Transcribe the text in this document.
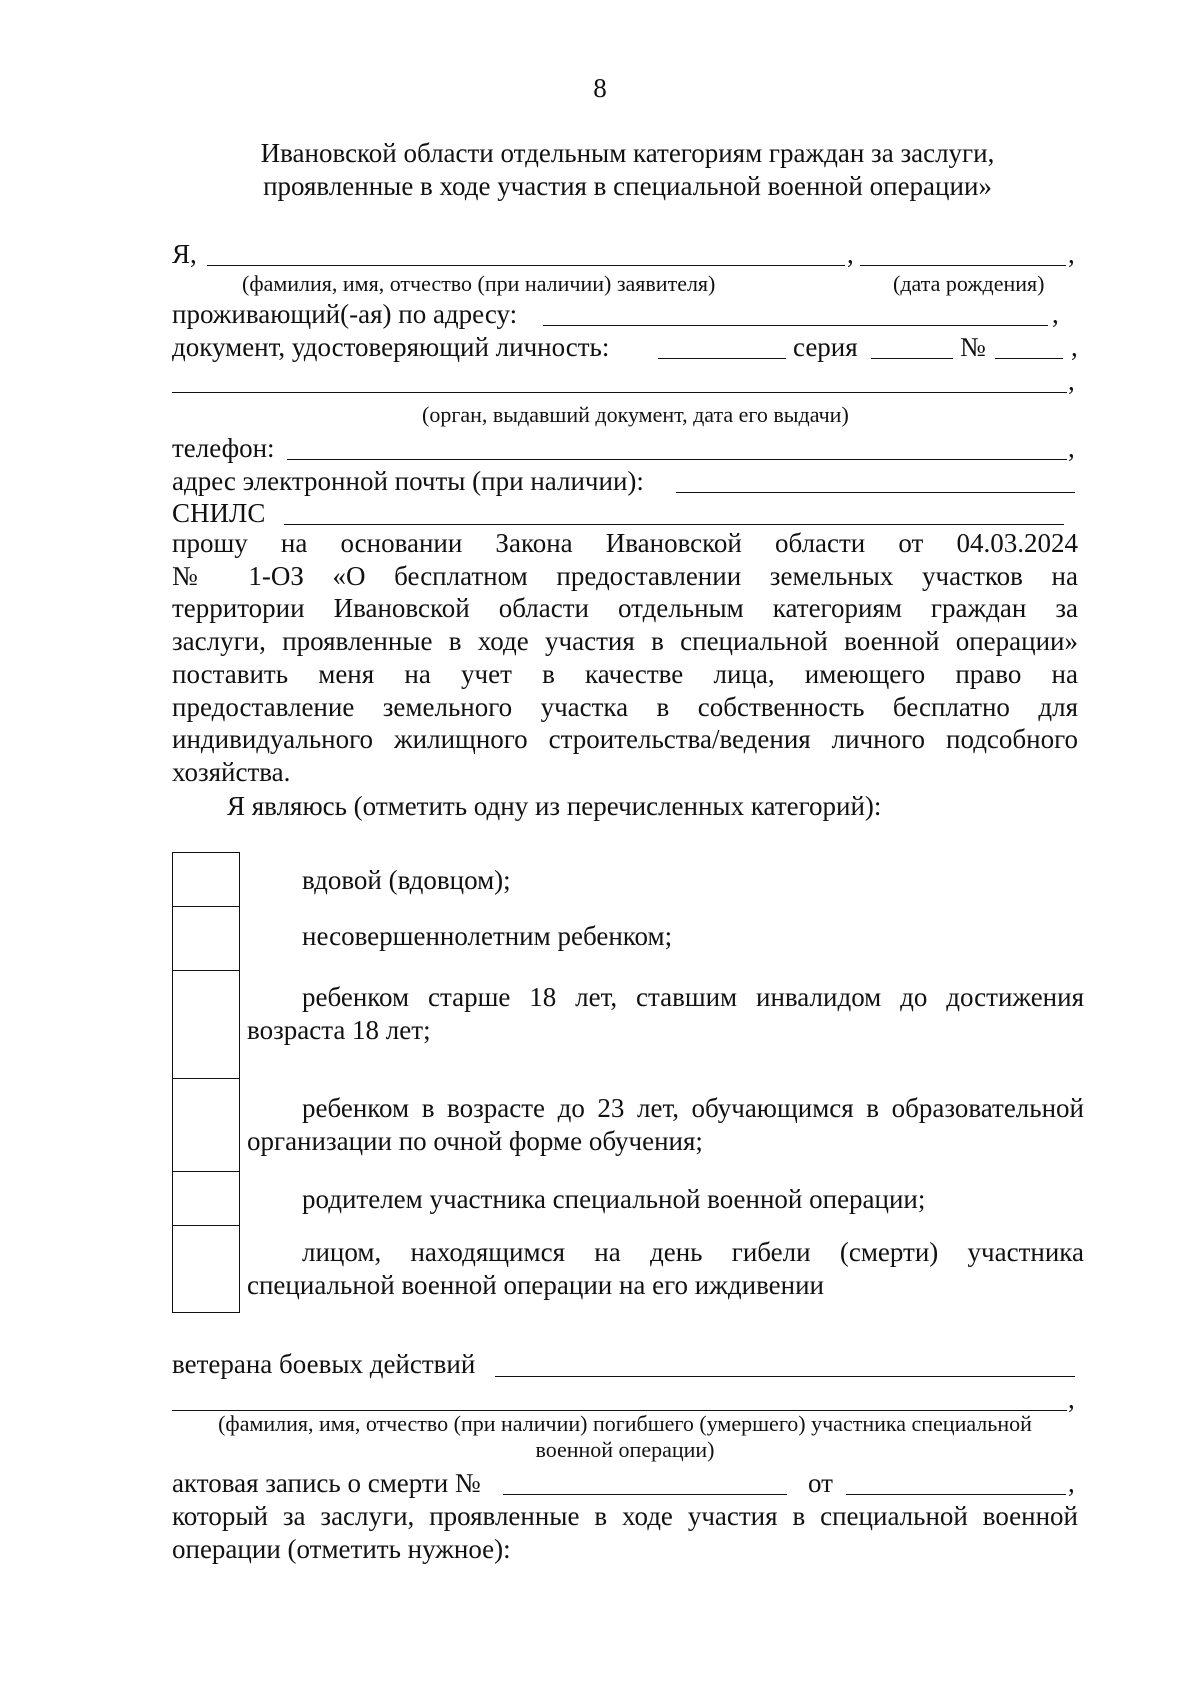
8
Ивановской области отдельным категориям граждан за заслуги,
проявленные в ходе участия в специальной военной операции»
Я,	,	,
(фамилия, имя, отчество (при наличии) заявителя)	(дата рождения)
проживающий(-ая) по адресу:	,
документ, удостоверяющий личность:	серия	№	,
,
(орган, выдавший документ, дата его выдачи)
телефон:	,
адрес электронной почты (при наличии):
СНИЛС
прошу на основании Закона Ивановской области от 04.03.2024
№ 1-ОЗ «О бесплатном предоставлении земельных участков на
территории Ивановской области отдельным категориям граждан за
заслуги, проявленные в ходе участия в специальной военной операции»
поставить меня на учет в качестве лица, имеющего право на
предоставление земельного участка в собственность бесплатно для
индивидуального жилищного строительства/ведения личного подсобного
хозяйства.
Я являюсь (отметить одну из перечисленных категорий):
вдовой (вдовцом);
несовершеннолетним ребенком;
ребенком старше 18 лет, ставшим инвалидом до достижения
возраста 18 лет;
ребенком в возрасте до 23 лет, обучающимся в образовательной
организации по очной форме обучения;
родителем участника специальной военной операции;
лицом, находящимся на день гибели (смерти) участника
специальной военной операции на его иждивении
ветерана боевых действий
,
(фамилия, имя, отчество (при наличии) погибшего (умершего) участника специальной
военной операции)
актовая запись о смерти №	от	,
который за заслуги, проявленные в ходе участия в специальной военной
операции (отметить нужное):
